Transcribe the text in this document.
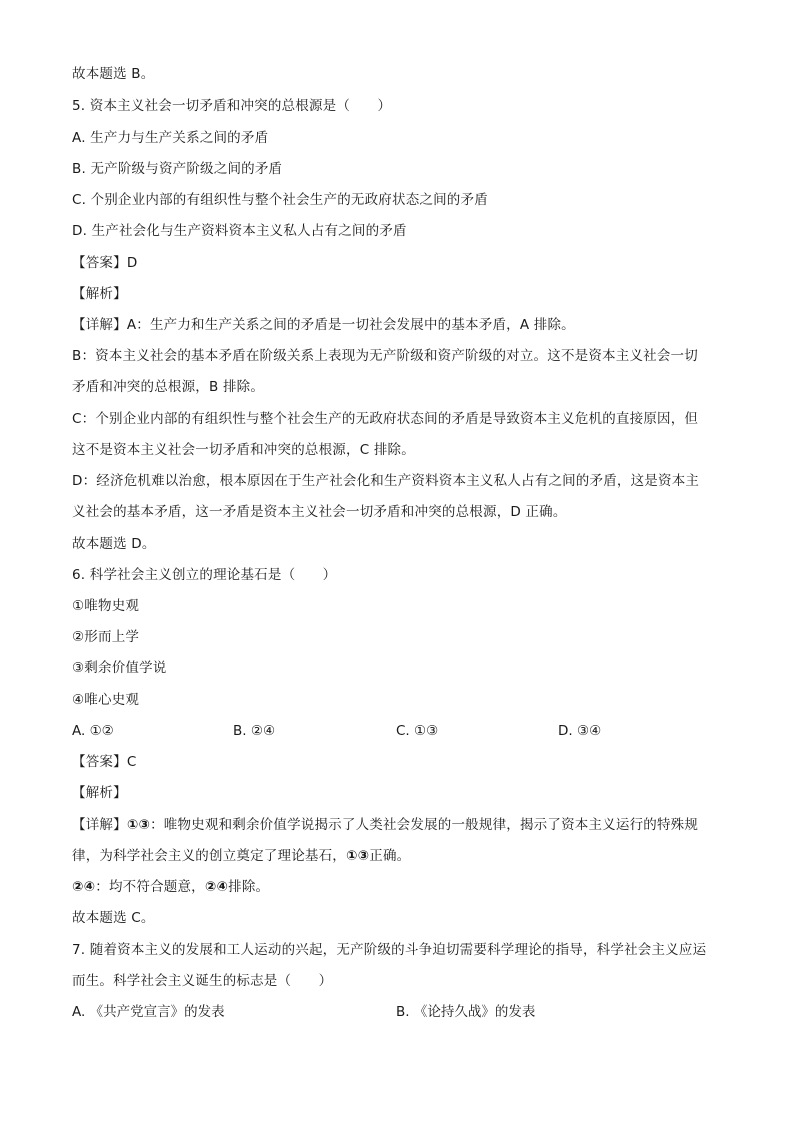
故本题选 B。
5. 资本主义社会一切矛盾和冲突的总根源是（　　）
A. 生产力与生产关系之间的矛盾
B. 无产阶级与资产阶级之间的矛盾
C. 个别企业内部的有组织性与整个社会生产的无政府状态之间的矛盾
D. 生产社会化与生产资料资本主义私人占有之间的矛盾
【答案】D
【解析】
【详解】A：生产力和生产关系之间的矛盾是一切社会发展中的基本矛盾，A 排除。
B：资本主义社会的基本矛盾在阶级关系上表现为无产阶级和资产阶级的对立。这不是资本主义社会一切
矛盾和冲突的总根源，B 排除。
C：个别企业内部的有组织性与整个社会生产的无政府状态间的矛盾是导致资本主义危机的直接原因，但
这不是资本主义社会一切矛盾和冲突的总根源，C 排除。
D：经济危机难以治愈，根本原因在于生产社会化和生产资料资本主义私人占有之间的矛盾，这是资本主
义社会的基本矛盾，这一矛盾是资本主义社会一切矛盾和冲突的总根源，D 正确。
故本题选 D。
6. 科学社会主义创立的理论基石是（　　）
①唯物史观
②形而上学
③剩余价值学说
④唯心史观
A. ①②	B. ②④	C. ①③	D. ③④
【答案】C
【解析】
【详解】①③：唯物史观和剩余价值学说揭示了人类社会发展的一般规律，揭示了资本主义运行的特殊规
律，为科学社会主义的创立奠定了理论基石，①③正确。
②④：均不符合题意，②④排除。
故本题选 C。
7. 随着资本主义的发展和工人运动的兴起，无产阶级的斗争迫切需要科学理论的指导，科学社会主义应运
而生。科学社会主义诞生的标志是（　　）
A. 《共产党宣言》的发表	B. 《论持久战》的发表
